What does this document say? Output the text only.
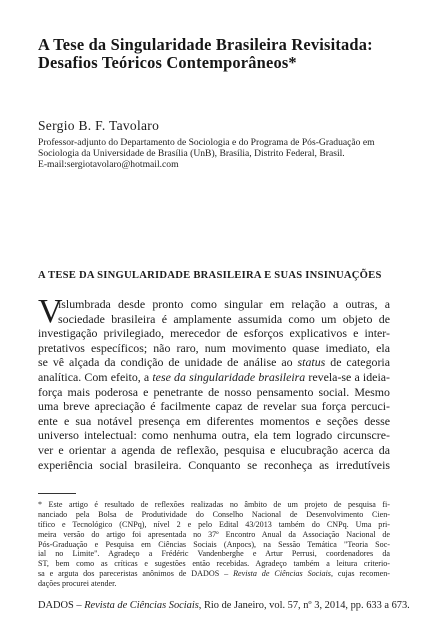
A Tese da Singularidade Brasileira Revisitada:
Desafios Teóricos Contemporâneos*
Sergio B. F. Tavolaro
Professor-adjunto do Departamento de Sociologia e do Programa de Pós-Graduação em
Sociologia da Universidade de Brasília (UnB), Brasília, Distrito Federal, Brasil.
E-mail:sergiotavolaro@hotmail.com
A TESE DA SINGULARIDADE BRASILEIRA E SUAS INSINUAÇÕES
V
islumbrada desde pronto como singular em relação a outras, a
sociedade brasileira é amplamente assumida como um objeto de
investigação privilegiado, merecedor de esforços explicativos e inter-
pretativos específicos; não raro, num movimento quase imediato, ela
se vê alçada da condição de unidade de análise ao status de categoria
analítica. Com efeito, a tese da singularidade brasileira revela-se a ideia-
força mais poderosa e penetrante de nosso pensamento social. Mesmo
uma breve apreciação é facilmente capaz de revelar sua força percuci-
ente e sua notável presença em diferentes momentos e seções desse
universo intelectual: como nenhuma outra, ela tem logrado circunscre-
ver e orientar a agenda de reflexão, pesquisa e elucubração acerca da
experiência social brasileira. Conquanto se reconheça as irredutíveis
* Este artigo é resultado de reflexões realizadas no âmbito de um projeto de pesquisa fi-
nanciado pela Bolsa de Produtividade do Conselho Nacional de Desenvolvimento Cien-
tífico e Tecnológico (CNPq), nível 2 e pelo Edital 43/2013 também do CNPq. Uma pri-
meira versão do artigo foi apresentada no 37º Encontro Anual da Associação Nacional de
Pós-Graduação e Pesquisa em Ciências Sociais (Anpocs), na Sessão Temática "Teoria Soc-
ial no Limite". Agradeço a Frédéric Vandenberghe e Artur Perrusi, coordenadores da
ST, bem como as críticas e sugestões então recebidas. Agradeço também a leitura criterio-
sa e arguta dos pareceristas anônimos de DADOS – Revista de Ciências Sociais, cujas recomen-
dações procurei atender.
DADOS – Revista de Ciências Sociais, Rio de Janeiro, vol. 57, nº 3, 2014, pp. 633 a 673.
